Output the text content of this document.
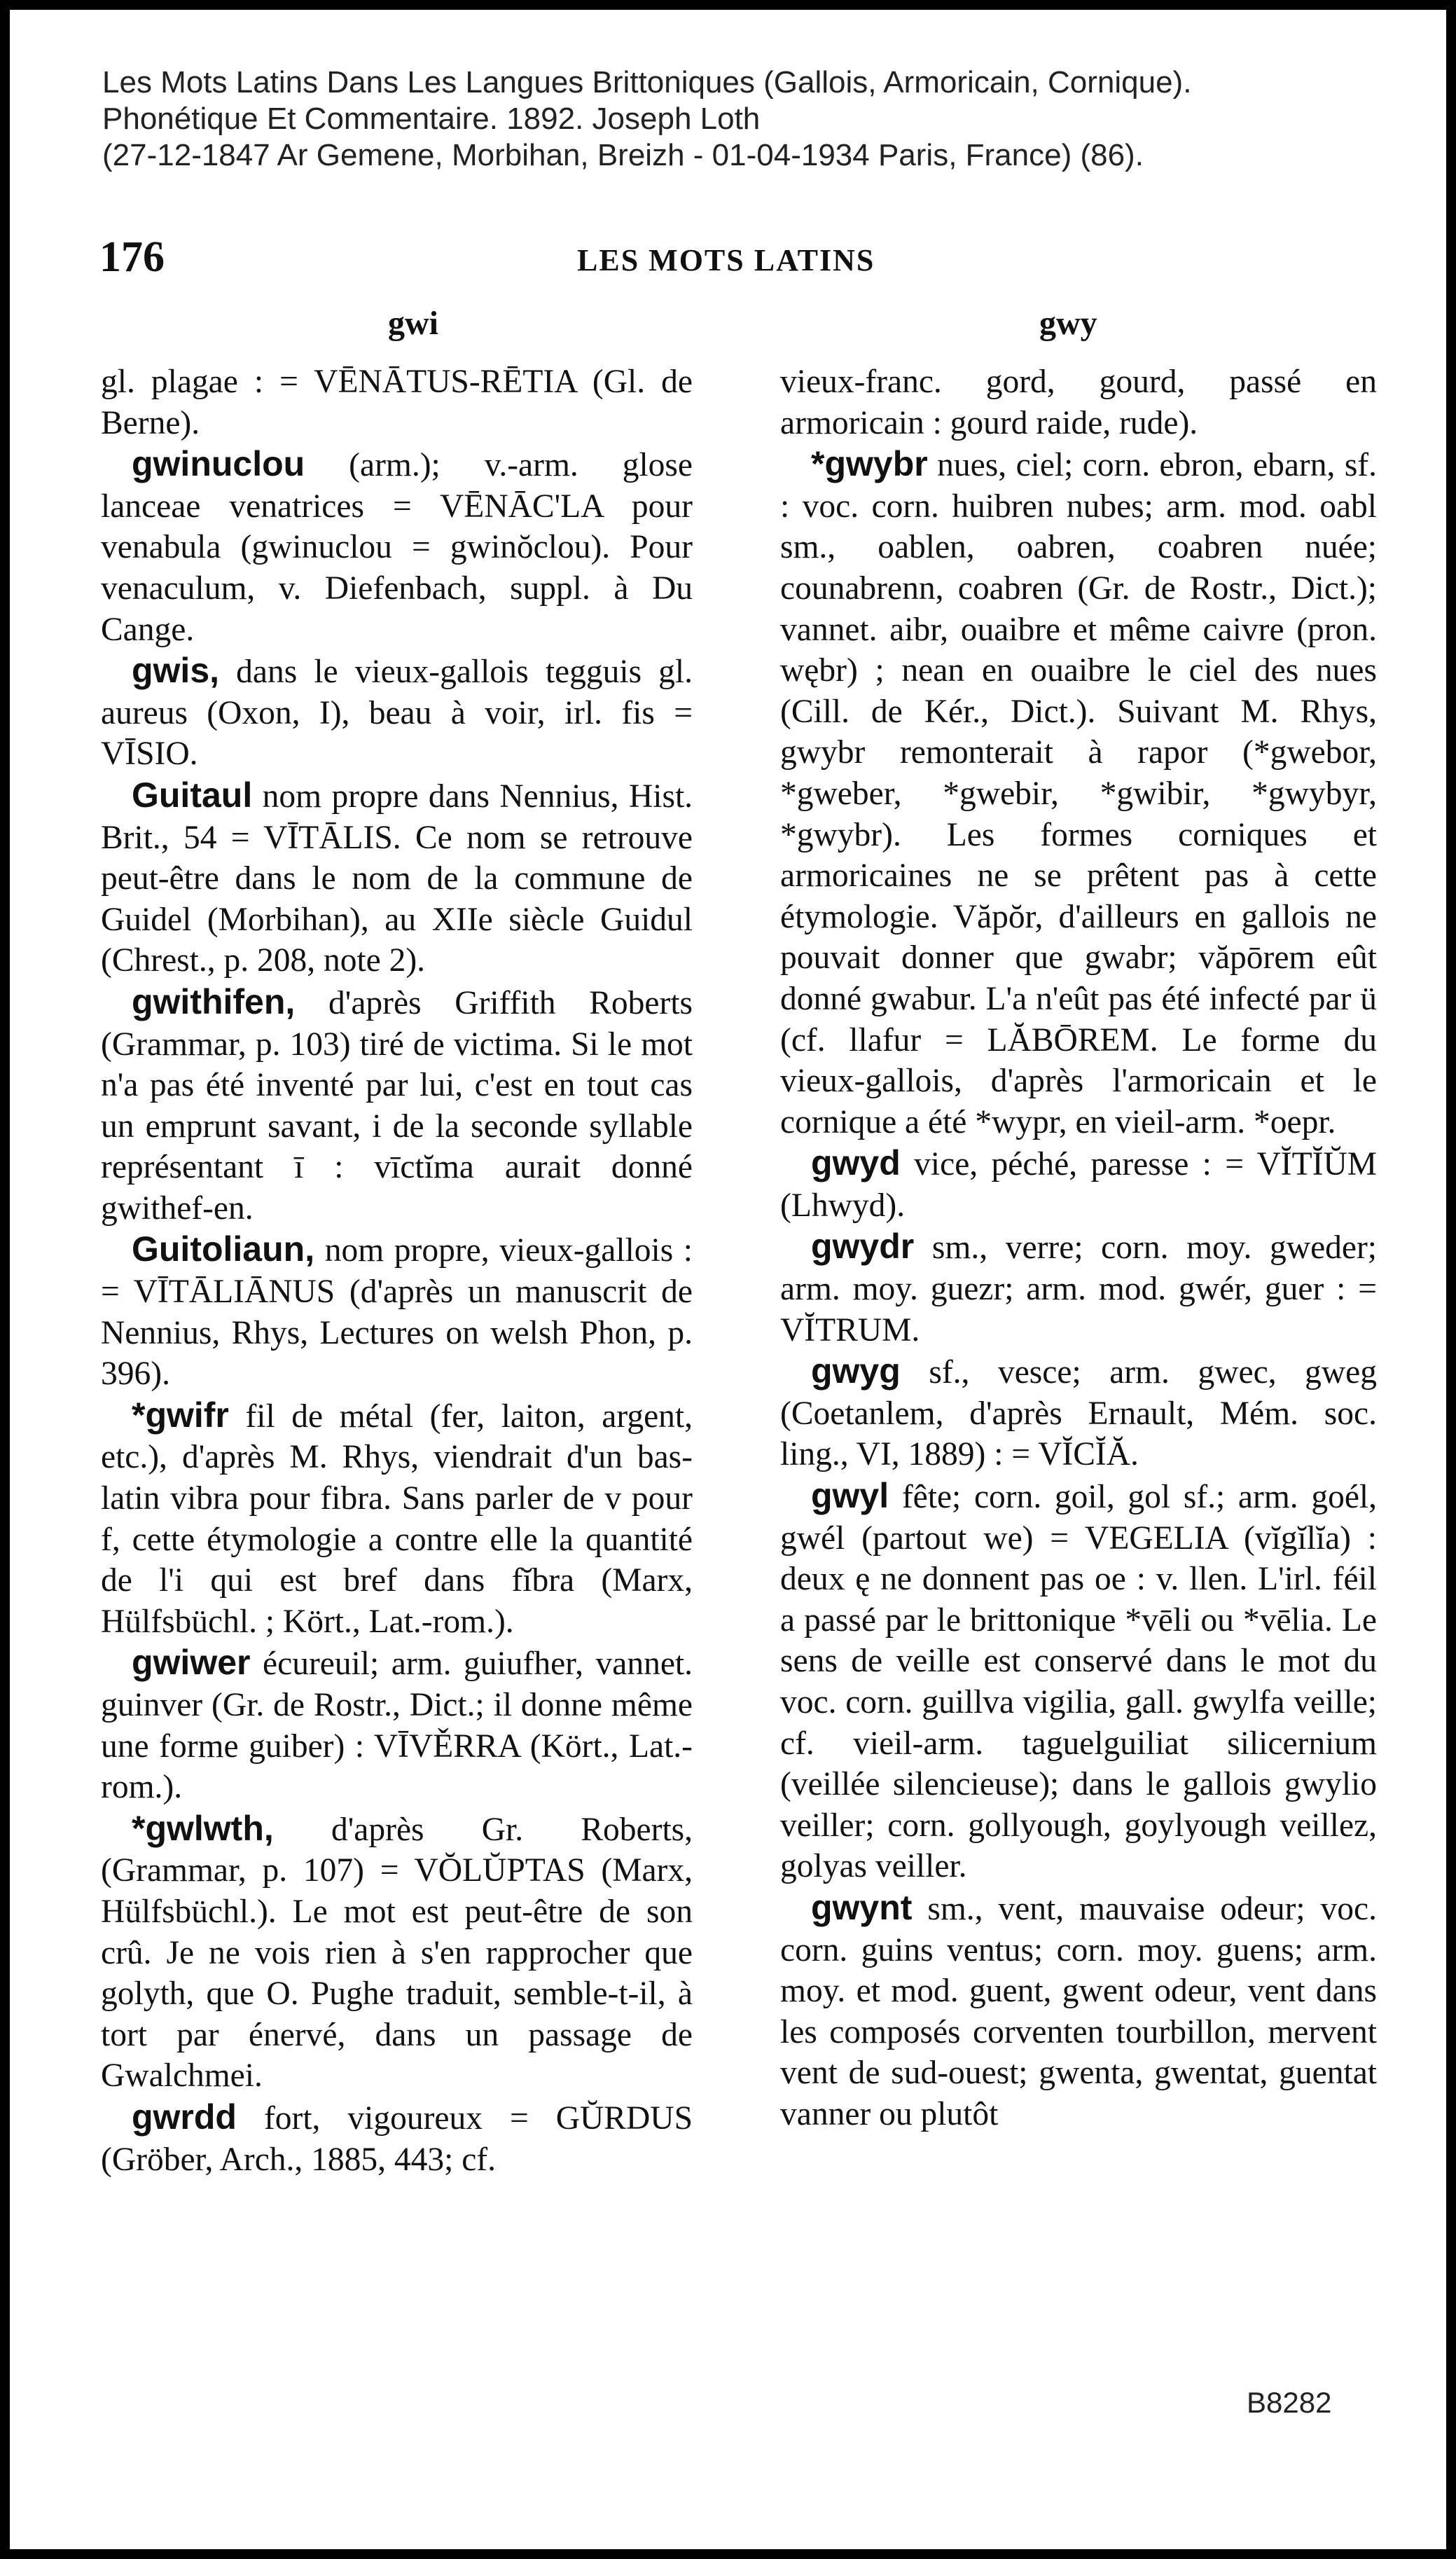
Les Mots Latins Dans Les Langues Brittoniques (Gallois, Armoricain, Cornique).
Phonétique Et Commentaire. 1892. Joseph Loth
(27-12-1847 Ar Gemene, Morbihan, Breizh - 01-04-1934 Paris, France) (86).
176	LES MOTS LATINS
gwi	gwy

gl. plagae : = VĒNĀTUS-RĒTIA (Gl. de Berne).

gwinuclou (arm.); v.-arm. glose lanceae venatrices = VĒNĀC'LA pour venabula (gwinuclou = gwinŏclou). Pour venaculum, v. Diefenbach, suppl. à Du Cange.

gwis, dans le vieux-gallois tegguis gl. aureus (Oxon, I), beau à voir, irl. fis = VĪSIO.

Guitaul nom propre dans Nennius, Hist. Brit., 54 = VĪTĀLIS. Ce nom se retrouve peut-être dans le nom de la commune de Guidel (Morbihan), au XIIe siècle Guidul (Chrest., p. 208, note 2).

gwithifen, d'après Griffith Roberts (Grammar, p. 103) tiré de victima. Si le mot n'a pas été inventé par lui, c'est en tout cas un emprunt savant, i de la seconde syllable représentant ī : vīctĭma aurait donné gwithef-en.

Guitoliaun, nom propre, vieux-gallois : = VĪTĀLIĀNUS (d'après un manuscrit de Nennius, Rhys, Lectures on welsh Phon, p. 396).

*gwifr fil de métal (fer, laiton, argent, etc.), d'après M. Rhys, viendrait d'un bas-latin vibra pour fibra. Sans parler de v pour f, cette étymologie a contre elle la quantité de l'i qui est bref dans fĭbra (Marx, Hülfsbüchl. ; Kört., Lat.-rom.).

gwiwer écureuil; arm. guiufher, vannet. guinver (Gr. de Rostr., Dict.; il donne même une forme guiber) : VĪVĚRRA (Kört., Lat.-rom.).

*gwlwth, d'après Gr. Roberts, (Grammar, p. 107) = VŎLŬPTAS (Marx, Hülfsbüchl.). Le mot est peut-être de son crû. Je ne vois rien à s'en rapprocher que golyth, que O. Pughe traduit, semble-t-il, à tort par énervé, dans un passage de Gwalchmei.

gwrdd fort, vigoureux = GŬRDUS (Gröber, Arch., 1885, 443; cf.

vieux-franc. gord, gourd, passé en armoricain : gourd raide, rude).

*gwybr nues, ciel; corn. ebron, ebarn, sf. : voc. corn. huibren nubes; arm. mod. oabl sm., oablen, oabren, coabren nuée; counabrenn, coabren (Gr. de Rostr., Dict.); vannet. aibr, ouaibre et même caivre (pron. wębr) ; nean en ouaibre le ciel des nues (Cill. de Kér., Dict.). Suivant M. Rhys, gwybr remonterait à rapor (*gwebor, *gweber, *gwebir, *gwibir, *gwybyr, *gwybr). Les formes corniques et armoricaines ne se prêtent pas à cette étymologie. Văpŏr, d'ailleurs en gallois ne pouvait donner que gwabr; văpōrem eût donné gwabur. L'a n'eût pas été infecté par ü (cf. llafur = LĂBŌREM. Le forme du vieux-gallois, d'après l'armoricain et le cornique a été *wypr, en vieil-arm. *oepr.

gwyd vice, péché, paresse : = VĬTĬŬM (Lhwyd).

gwydr sm., verre; corn. moy. gweder; arm. moy. guezr; arm. mod. gwér, guer : = VĬTRUM.

gwyg sf., vesce; arm. gwec, gweg (Coetanlem, d'après Ernault, Mém. soc. ling., VI, 1889) : = VĬCĬĂ.

gwyl fête; corn. goil, gol sf.; arm. goél, gwél (partout we) = VEGELIA (vĭgĭlĭa) : deux ę ne donnent pas oe : v. llen. L'irl. féil a passé par le brittonique *vēli ou *vēlia. Le sens de veille est conservé dans le mot du voc. corn. guillva vigilia, gall. gwylfa veille; cf. vieil-arm. taguelguiliat silicernium (veillée silencieuse); dans le gallois gwylio veiller; corn. gollyough, goylyough veillez, golyas veiller.

gwynt sm., vent, mauvaise odeur; voc. corn. guins ventus; corn. moy. guens; arm. moy. et mod. guent, gwent odeur, vent dans les composés corventen tourbillon, mervent vent de sud-ouest; gwenta, gwentat, guentat vanner ou plutôt

B8282
